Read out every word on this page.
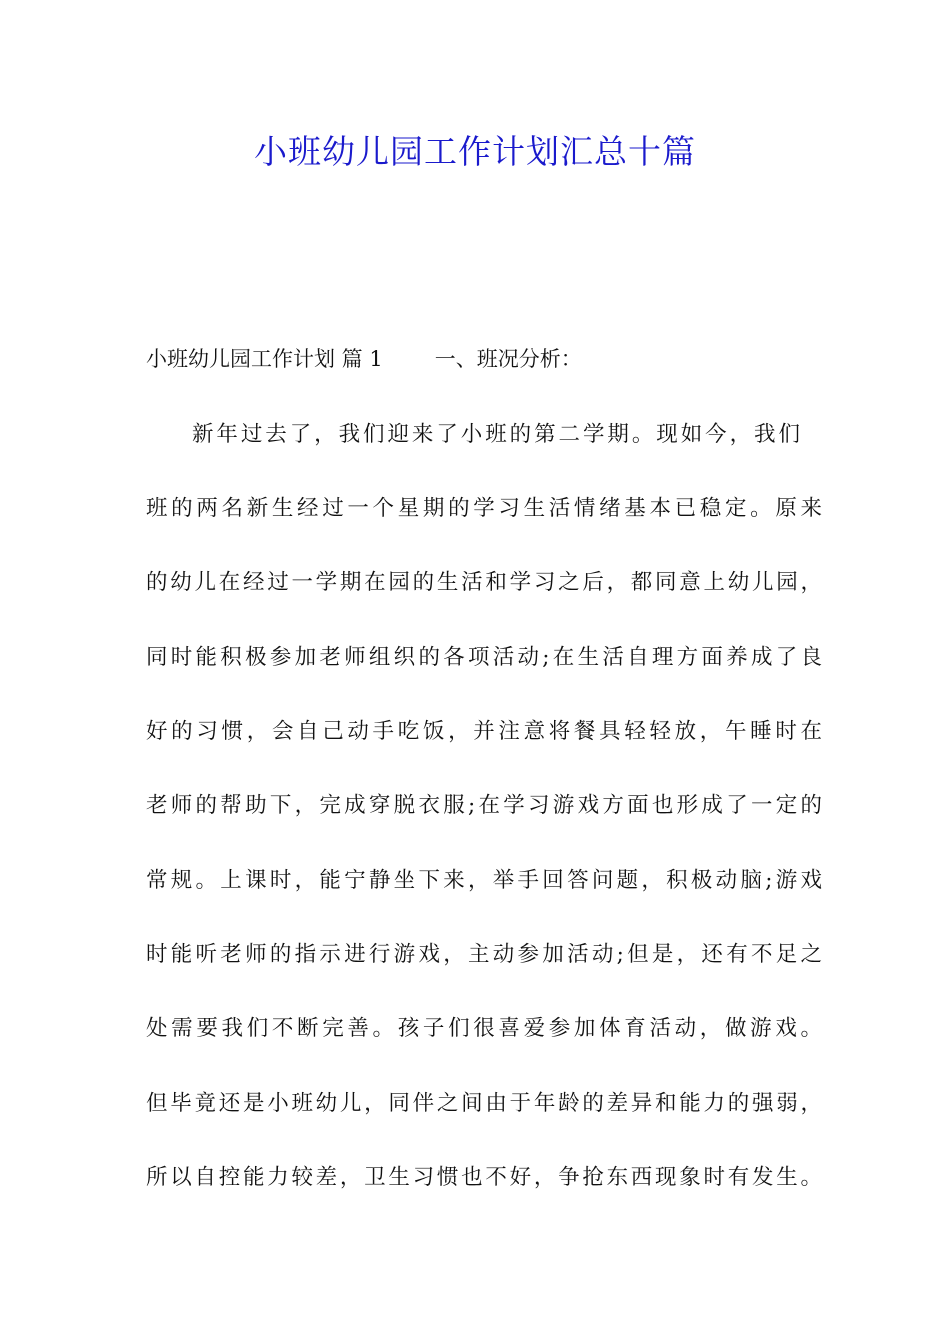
小班幼儿园工作计划汇总十篇
小班幼儿园工作计划 篇 1 一、班况分析：
新年过去了，我们迎来了小班的第二学期。现如今，我们
班的两名新生经过一个星期的学习生活情绪基本已稳定。原来
的幼儿在经过一学期在园的生活和学习之后，都同意上幼儿园，
同时能积极参加老师组织的各项活动;在生活自理方面养成了良
好的习惯，会自己动手吃饭，并注意将餐具轻轻放，午睡时在
老师的帮助下，完成穿脱衣服;在学习游戏方面也形成了一定的
常规。上课时，能宁静坐下来，举手回答问题，积极动脑;游戏
时能听老师的指示进行游戏，主动参加活动;但是，还有不足之
处需要我们不断完善。孩子们很喜爱参加体育活动，做游戏。
但毕竟还是小班幼儿，同伴之间由于年龄的差异和能力的强弱，
所以自控能力较差，卫生习惯也不好，争抢东西现象时有发生。
